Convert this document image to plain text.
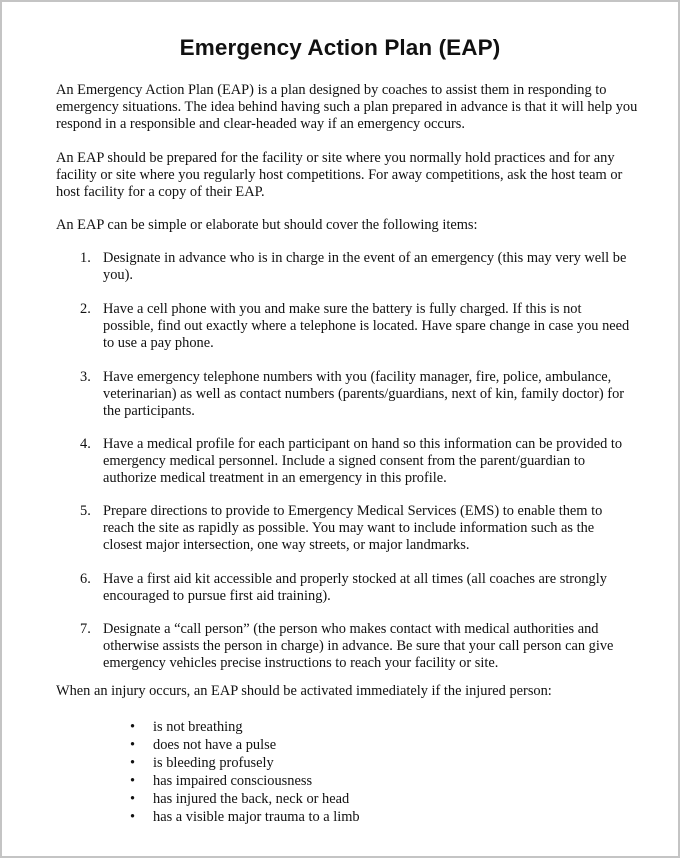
Emergency Action Plan (EAP)

An Emergency Action Plan (EAP) is a plan designed by coaches to assist them in responding to emergency situations. The idea behind having such a plan prepared in advance is that it will help you respond in a responsible and clear-headed way if an emergency occurs.

An EAP should be prepared for the facility or site where you normally hold practices and for any facility or site where you regularly host competitions. For away competitions, ask the host team or host facility for a copy of their EAP.

An EAP can be simple or elaborate but should cover the following items:

1. Designate in advance who is in charge in the event of an emergency (this may very well be you).
2. Have a cell phone with you and make sure the battery is fully charged. If this is not possible, find out exactly where a telephone is located. Have spare change in case you need to use a pay phone.
3. Have emergency telephone numbers with you (facility manager, fire, police, ambulance, veterinarian) as well as contact numbers (parents/guardians, next of kin, family doctor) for the participants.
4. Have a medical profile for each participant on hand so this information can be provided to emergency medical personnel. Include a signed consent from the parent/guardian to authorize medical treatment in an emergency in this profile.
5. Prepare directions to provide to Emergency Medical Services (EMS) to enable them to reach the site as rapidly as possible. You may want to include information such as the closest major intersection, one way streets, or major landmarks.
6. Have a first aid kit accessible and properly stocked at all times (all coaches are strongly encouraged to pursue first aid training).
7. Designate a “call person” (the person who makes contact with medical authorities and otherwise assists the person in charge) in advance. Be sure that your call person can give emergency vehicles precise instructions to reach your facility or site.

When an injury occurs, an EAP should be activated immediately if the injured person:

• is not breathing
• does not have a pulse
• is bleeding profusely
• has impaired consciousness
• has injured the back, neck or head
• has a visible major trauma to a limb
